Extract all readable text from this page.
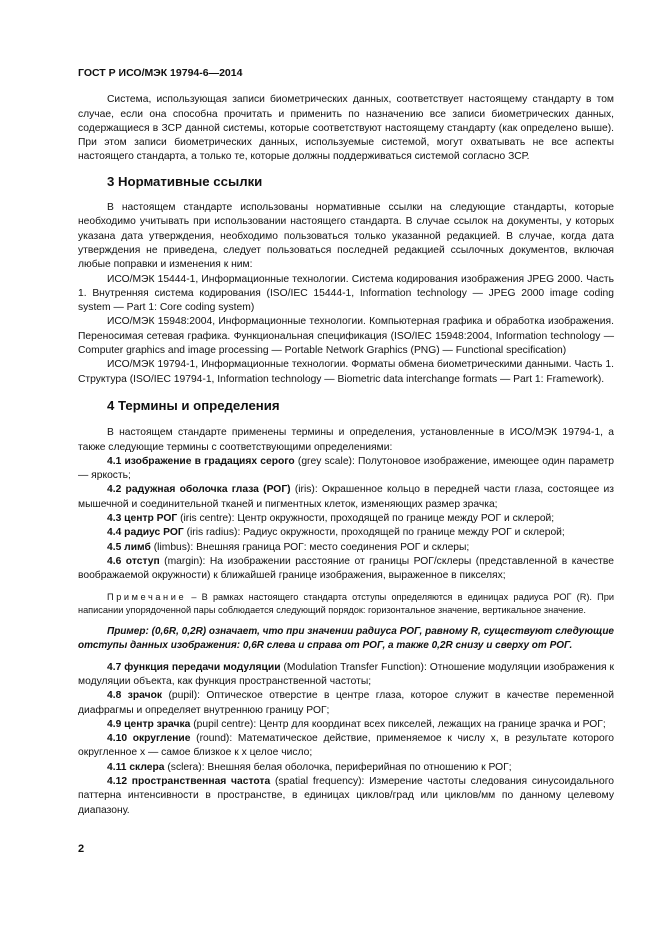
ГОСТ Р ИСО/МЭК 19794-6—2014

Система, использующая записи биометрических данных, соответствует настоящему стандарту в том случае, если она способна прочитать и применить по назначению все записи биометрических данных, содержащиеся в ЗСР данной системы, которые соответствуют настоящему стандарту (как определено выше). При этом записи биометрических данных, используемые системой, могут охватывать не все аспекты настоящего стандарта, а только те, которые должны поддерживаться системой согласно ЗСР.

3 Нормативные ссылки

В настоящем стандарте использованы нормативные ссылки на следующие стандарты, которые необходимо учитывать при использовании настоящего стандарта. В случае ссылок на документы, у которых указана дата утверждения, необходимо пользоваться только указанной редакцией. В случае, когда дата утверждения не приведена, следует пользоваться последней редакцией ссылочных документов, включая любые поправки и изменения к ним:

ИСО/МЭК 15444-1, Информационные технологии. Система кодирования изображения JPEG 2000. Часть 1. Внутренняя система кодирования (ISO/IEC 15444-1, Information technology — JPEG 2000 image coding system — Part 1: Core coding system)

ИСО/МЭК 15948:2004, Информационные технологии. Компьютерная графика и обработка изображения. Переносимая сетевая графика. Функциональная спецификация (ISO/IEC 15948:2004, Information technology — Computer graphics and image processing — Portable Network Graphics (PNG) — Functional specification)

ИСО/МЭК 19794-1, Информационные технологии. Форматы обмена биометрическими данными. Часть 1. Структура (ISO/IEC 19794-1, Information technology — Biometric data interchange formats — Part 1: Framework).

4 Термины и определения

В настоящем стандарте применены термины и определения, установленные в ИСО/МЭК 19794-1, а также следующие термины с соответствующими определениями:

4.1 изображение в градациях серого (grey scale): Полутоновое изображение, имеющее один параметр — яркость;

4.2 радужная оболочка глаза (РОГ) (iris): Окрашенное кольцо в передней части глаза, состоящее из мышечной и соединительной тканей и пигментных клеток, изменяющих размер зрачка;

4.3 центр РОГ (iris centre): Центр окружности, проходящей по границе между РОГ и склерой;

4.4 радиус РОГ (iris radius): Радиус окружности, проходящей по границе между РОГ и склерой;

4.5 лимб (limbus): Внешняя граница РОГ: место соединения РОГ и склеры;

4.6 отступ (margin): На изображении расстояние от границы РОГ/склеры (представленной в качестве воображаемой окружности) к ближайшей границе изображения, выраженное в пикселях;

Примечание – В рамках настоящего стандарта отступы определяются в единицах радиуса РОГ (R). При написании упорядоченной пары соблюдается следующий порядок: горизонтальное значение, вертикальное значение.

Пример: (0,6R, 0,2R) означает, что при значении радиуса РОГ, равному R, существуют следующие отступы данных изображения: 0,6R слева и справа от РОГ, а также 0,2R снизу и сверху от РОГ.

4.7 функция передачи модуляции (Modulation Transfer Function): Отношение модуляции изображения к модуляции объекта, как функция пространственной частоты;

4.8 зрачок (pupil): Оптическое отверстие в центре глаза, которое служит в качестве переменной диафрагмы и определяет внутреннюю границу РОГ;

4.9 центр зрачка (pupil centre): Центр для координат всех пикселей, лежащих на границе зрачка и РОГ;

4.10 округление (round): Математическое действие, применяемое к числу x, в результате которого округленное x — самое близкое к x целое число;

4.11 склера (sclera): Внешняя белая оболочка, периферийная по отношению к РОГ;

4.12 пространственная частота (spatial frequency): Измерение частоты следования синусоидального паттерна интенсивности в пространстве, в единицах циклов/град или циклов/мм по данному целевому диапазону.

2
